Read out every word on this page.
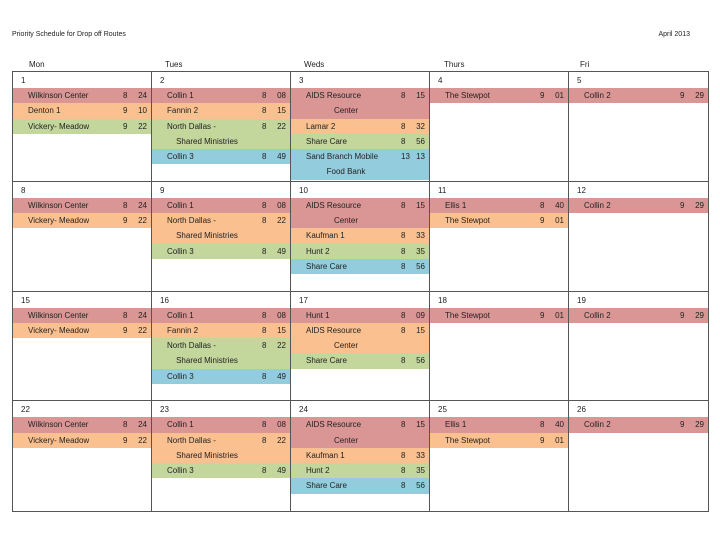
Priority Schedule for Drop off Routes	April 2013
Mon	Tues	Weds	Thurs	Fri
1
Wilkinson Center	8 24
Denton 1	9 10
Vickery- Meadow	9 22
2
Collin 1	8 08
Fannin 2	8 15
North Dallas -	8 22
Shared Ministries
Collin 3	8 49
3
AIDS Resource	8 15
Center
Lamar 2	8 32
Share Care	8 56
Sand Branch Mobile	13 13
Food Bank
4
The Stewpot	9 01
5
Collin 2	9 29
8
Wilkinson Center	8 24
Vickery- Meadow	9 22
9
Collin 1	8 08
North Dallas -	8 22
Shared Ministries
Collin 3	8 49
10
AIDS Resource	8 15
Center
Kaufman 1	8 33
Hunt 2	8 35
Share Care	8 56
11
Ellis 1	8 40
The Stewpot	9 01
12
Collin 2	9 29
15
Wilkinson Center	8 24
Vickery- Meadow	9 22
16
Collin 1	8 08
Fannin 2	8 15
North Dallas -	8 22
Shared Ministries
Collin 3	8 49
17
Hunt 1	8 09
AIDS Resource	8 15
Center
Share Care	8 56
18
The Stewpot	9 01
19
Collin 2	9 29
22
Wilkinson Center	8 24
Vickery- Meadow	9 22
23
Collin 1	8 08
North Dallas -	8 22
Shared Ministries
Collin 3	8 49
24
AIDS Resource	8 15
Center
Kaufman 1	8 33
Hunt 2	8 35
Share Care	8 56
25
Ellis 1	8 40
The Stewpot	9 01
26
Collin 2	9 29
